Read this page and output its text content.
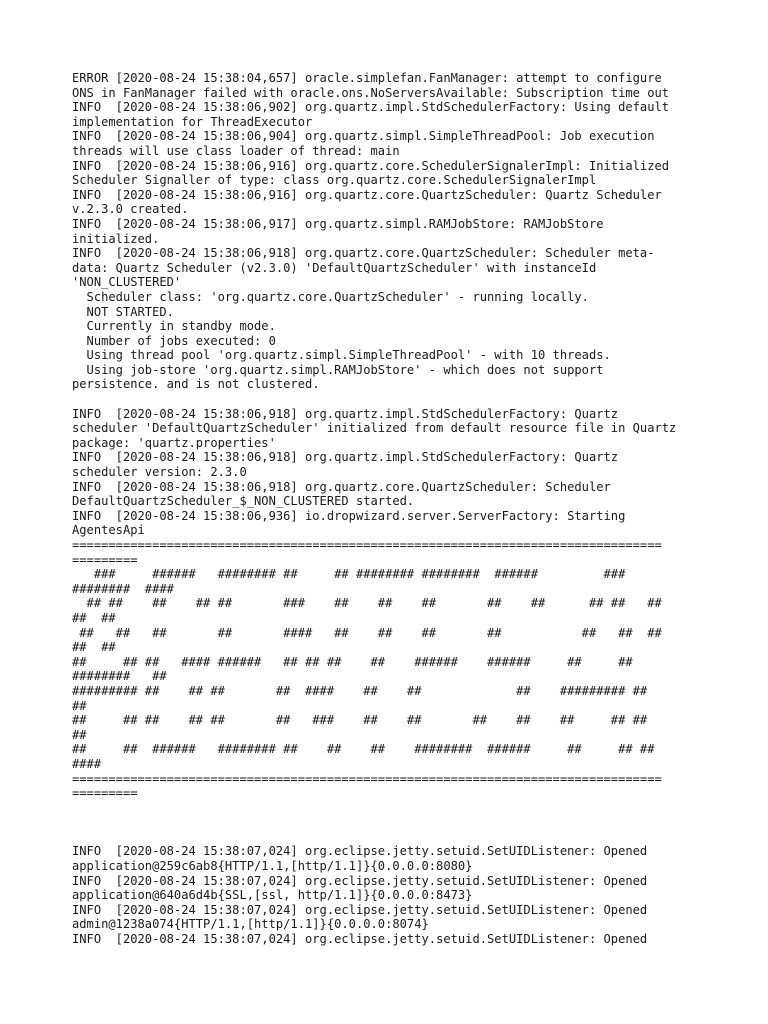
ERROR [2020-08-24 15:38:04,657] oracle.simplefan.FanManager: attempt to configure
ONS in FanManager failed with oracle.ons.NoServersAvailable: Subscription time out
INFO  [2020-08-24 15:38:06,902] org.quartz.impl.StdSchedulerFactory: Using default
implementation for ThreadExecutor
INFO  [2020-08-24 15:38:06,904] org.quartz.simpl.SimpleThreadPool: Job execution
threads will use class loader of thread: main
INFO  [2020-08-24 15:38:06,916] org.quartz.core.SchedulerSignalerImpl: Initialized
Scheduler Signaller of type: class org.quartz.core.SchedulerSignalerImpl
INFO  [2020-08-24 15:38:06,916] org.quartz.core.QuartzScheduler: Quartz Scheduler
v.2.3.0 created.
INFO  [2020-08-24 15:38:06,917] org.quartz.simpl.RAMJobStore: RAMJobStore
initialized.
INFO  [2020-08-24 15:38:06,918] org.quartz.core.QuartzScheduler: Scheduler meta-
data: Quartz Scheduler (v2.3.0) 'DefaultQuartzScheduler' with instanceId
'NON_CLUSTERED'
Scheduler class: 'org.quartz.core.QuartzScheduler' - running locally.
NOT STARTED.
Currently in standby mode.
Number of jobs executed: 0
Using thread pool 'org.quartz.simpl.SimpleThreadPool' - with 10 threads.
Using job-store 'org.quartz.simpl.RAMJobStore' - which does not support
persistence. and is not clustered.

INFO  [2020-08-24 15:38:06,918] org.quartz.impl.StdSchedulerFactory: Quartz
scheduler 'DefaultQuartzScheduler' initialized from default resource file in Quartz
package: 'quartz.properties'
INFO  [2020-08-24 15:38:06,918] org.quartz.impl.StdSchedulerFactory: Quartz
scheduler version: 2.3.0
INFO  [2020-08-24 15:38:06,918] org.quartz.core.QuartzScheduler: Scheduler
DefaultQuartzScheduler_$_NON_CLUSTERED started.
INFO  [2020-08-24 15:38:06,936] io.dropwizard.server.ServerFactory: Starting
AgentesApi
=================================================================================
=========
###     ######   ######## ##     ## ######## ########  ######         ###
########  ####
## ##    ##    ## ##       ###    ##    ##    ##       ##    ##      ## ##   ##
##  ##
##   ##   ##       ##       ####   ##    ##    ##       ##           ##   ##  ##
##  ##
##     ## ##   #### ######   ## ## ##    ##    ######    ######     ##     ##
########   ##
######### ##    ## ##       ##  ####    ##    ##             ##    ######### ##
##
##     ## ##    ## ##       ##   ###    ##    ##       ##    ##    ##     ## ##
##
##     ##  ######   ######## ##    ##    ##    ########  ######     ##     ## ##
####
=================================================================================
=========

INFO  [2020-08-24 15:38:07,024] org.eclipse.jetty.setuid.SetUIDListener: Opened
application@259c6ab8{HTTP/1.1,[http/1.1]}{0.0.0.0:8080}
INFO  [2020-08-24 15:38:07,024] org.eclipse.jetty.setuid.SetUIDListener: Opened
application@640a6d4b{SSL,[ssl, http/1.1]}{0.0.0.0:8473}
INFO  [2020-08-24 15:38:07,024] org.eclipse.jetty.setuid.SetUIDListener: Opened
admin@1238a074{HTTP/1.1,[http/1.1]}{0.0.0.0:8074}
INFO  [2020-08-24 15:38:07,024] org.eclipse.jetty.setuid.SetUIDListener: Opened
